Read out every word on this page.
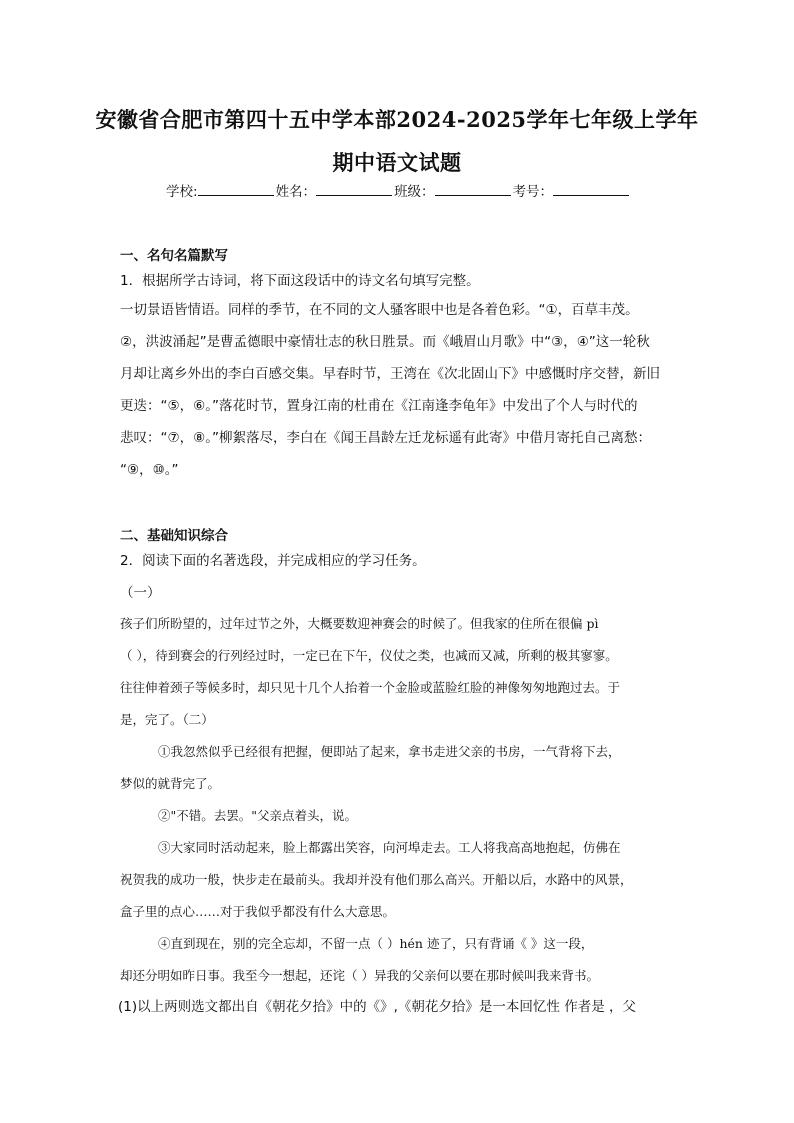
安徽省合肥市第四十五中学本部2024-2025学年七年级上学年
期中语文试题
学校:	姓名：	班级：	考号：
一、名句名篇默写
1．根据所学古诗词，将下面这段话中的诗文名句填写完整。
一切景语皆情语。同样的季节，在不同的文人骚客眼中也是各着色彩。“①，百草丰茂。
②，洪波涌起”是曹孟德眼中豪情壮志的秋日胜景。而《峨眉山月歌》中“③，④”这一轮秋
月却让离乡外出的李白百感交集。早春时节，王湾在《次北固山下》中感慨时序交替，新旧
更迭：“⑤，⑥。”落花时节，置身江南的杜甫在《江南逢李龟年》中发出了个人与时代的
悲叹：“⑦，⑧。”柳絮落尽，李白在《闻王昌龄左迁龙标遥有此寄》中借月寄托自己离愁：
“⑨，⑩。”
二、基础知识综合
2．阅读下面的名著选段，并完成相应的学习任务。
（一）
孩子们所盼望的，过年过节之外，大概要数迎神赛会的时候了。但我家的住所在很偏 pì
（ ），待到赛会的行列经过时，一定已在下午，仪仗之类，也减而又减，所剩的极其寥寥。
往往伸着颈子等候多时，却只见十几个人抬着一个金脸或蓝脸红脸的神像匆匆地跑过去。于
是，完了。（二）
①我忽然似乎已经很有把握，便即站了起来，拿书走进父亲的书房，一气背将下去，
梦似的就背完了。
②"不错。去罢。"父亲点着头，说。
③大家同时活动起来，脸上都露出笑容，向河埠走去。工人将我高高地抱起，仿佛在
祝贺我的成功一般，快步走在最前头。我却并没有他们那么高兴。开船以后，水路中的风景，
盒子里的点心……对于我似乎都没有什么大意思。
④直到现在，别的完全忘却，不留一点（ ）hén 迹了，只有背诵《 》这一段，
却还分明如昨日事。我至今一想起，还诧（ ）异我的父亲何以要在那时候叫我来背书。
(1)以上两则选文都出自《朝花夕拾》中的《》,《朝花夕拾》是一本回忆性 作者是 ，父
